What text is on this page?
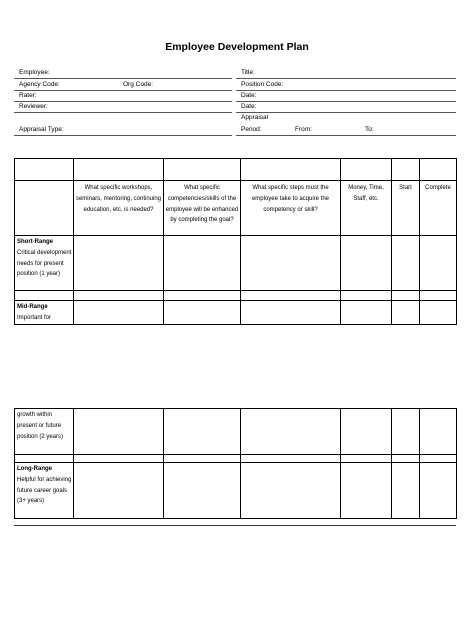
Employee Development Plan
Employee:
Agency Code:	Org Code:
Rater:
Reviewer:
Appraisal Type:
Title:
Position Code:
Date:
Date:
Appraisal
Period:	From:	To:

	What specific workshops, seminars, mentoring, continuing education, etc. is needed?	What specific competencies/skills of the employee will be enhanced by completing the goal?	What specific steps must the employee take to acquire the competency or skill?	Money, Time, Staff, etc.	Start	Complete
Short-Range
Critical development needs for present position (1 year)						

Mid-Range
Important for						
growth within present or future position (2 years)						

Long-Range
Helpful for achieving future career goals (3+ years)						
